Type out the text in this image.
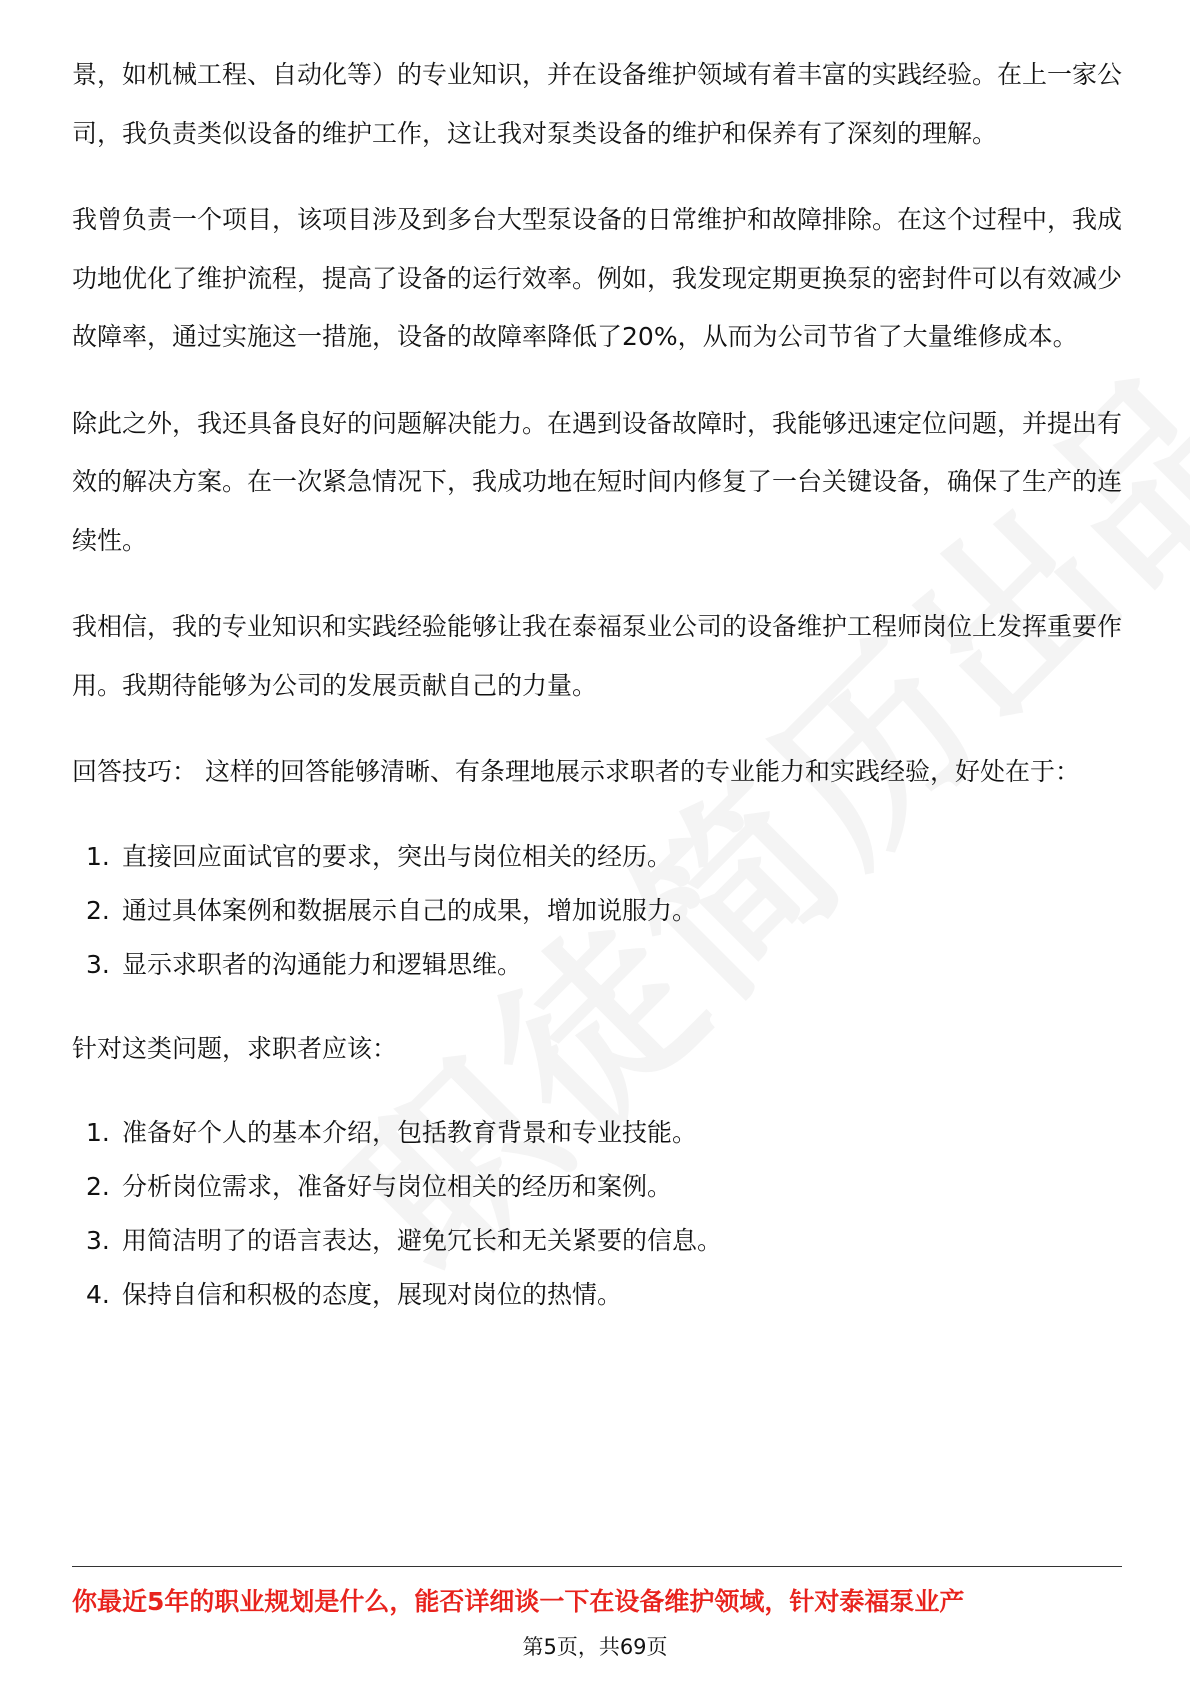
景，如机械工程、自动化等）的专业知识，并在设备维护领域有着丰富的实践经验。在上一家公司，我负责类似设备的维护工作，这让我对泵类设备的维护和保养有了深刻的理解。

我曾负责一个项目，该项目涉及到多台大型泵设备的日常维护和故障排除。在这个过程中，我成功地优化了维护流程，提高了设备的运行效率。例如，我发现定期更换泵的密封件可以有效减少故障率，通过实施这一措施，设备的故障率降低了20%，从而为公司节省了大量维修成本。

除此之外，我还具备良好的问题解决能力。在遇到设备故障时，我能够迅速定位问题，并提出有效的解决方案。在一次紧急情况下，我成功地在短时间内修复了一台关键设备，确保了生产的连续性。

我相信，我的专业知识和实践经验能够让我在泰福泵业公司的设备维护工程师岗位上发挥重要作用。我期待能够为公司的发展贡献自己的力量。

回答技巧： 这样的回答能够清晰、有条理地展示求职者的专业能力和实践经验，好处在于：

1. 直接回应面试官的要求，突出与岗位相关的经历。
2. 通过具体案例和数据展示自己的成果，增加说服力。
3. 显示求职者的沟通能力和逻辑思维。

针对这类问题，求职者应该：

1. 准备好个人的基本介绍，包括教育背景和专业技能。
2. 分析岗位需求，准备好与岗位相关的经历和案例。
3. 用简洁明了的语言表达，避免冗长和无关紧要的信息。
4. 保持自信和积极的态度，展现对岗位的热情。
你最近5年的职业规划是什么，能否详细谈一下在设备维护领域，针对泰福泵业产
第5页，共69页
